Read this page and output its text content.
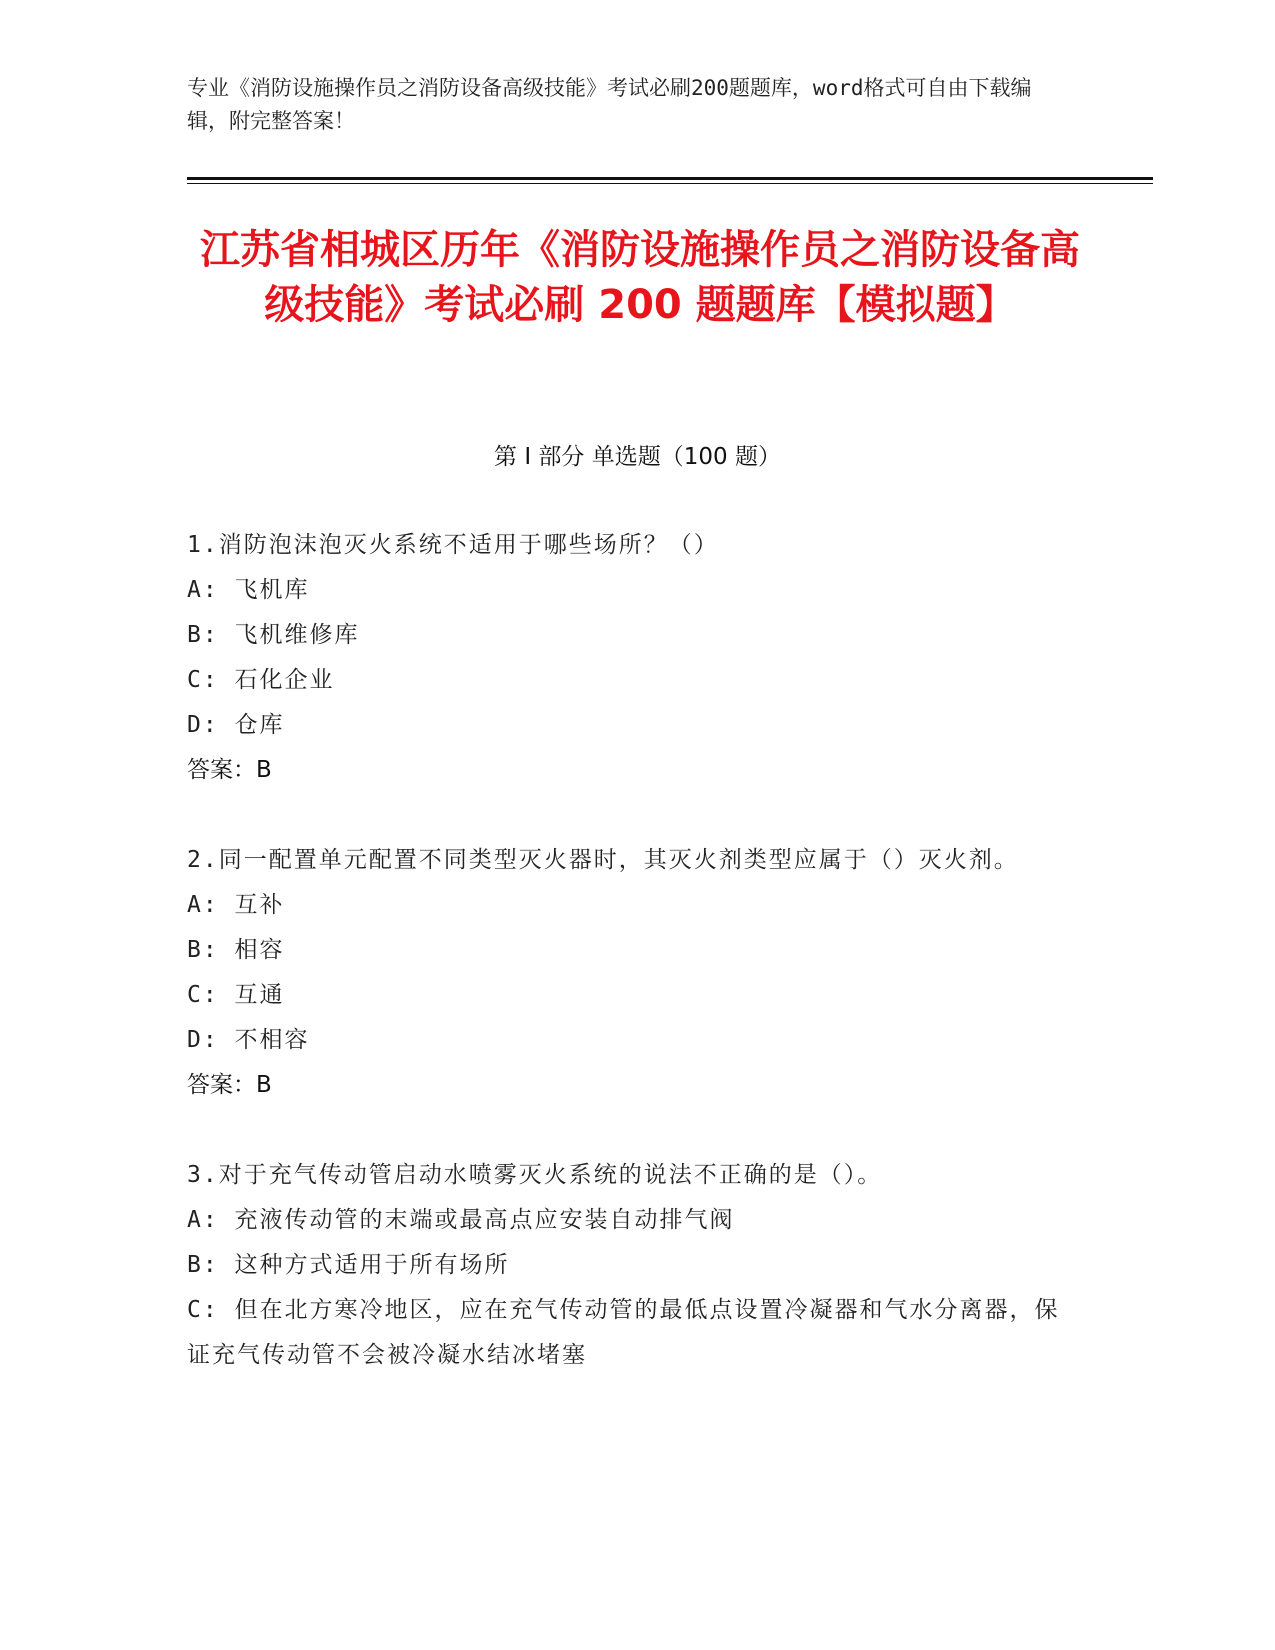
专业《消防设施操作员之消防设备高级技能》考试必刷200题题库，word格式可自由下载编辑，附完整答案！
江苏省相城区历年《消防设施操作员之消防设备高级技能》考试必刷 200 题题库【模拟题】
第 I 部分 单选题（100 题）
1.消防泡沫泡灭火系统不适用于哪些场所？（）
A: 飞机库
B: 飞机维修库
C: 石化企业
D: 仓库
答案：B
2.同一配置单元配置不同类型灭火器时，其灭火剂类型应属于（）灭火剂。
A: 互补
B: 相容
C: 互通
D: 不相容
答案：B
3.对于充气传动管启动水喷雾灭火系统的说法不正确的是（）。
A: 充液传动管的末端或最高点应安装自动排气阀
B: 这种方式适用于所有场所
C: 但在北方寒冷地区，应在充气传动管的最低点设置冷凝器和气水分离器，保证充气传动管不会被冷凝水结冰堵塞
